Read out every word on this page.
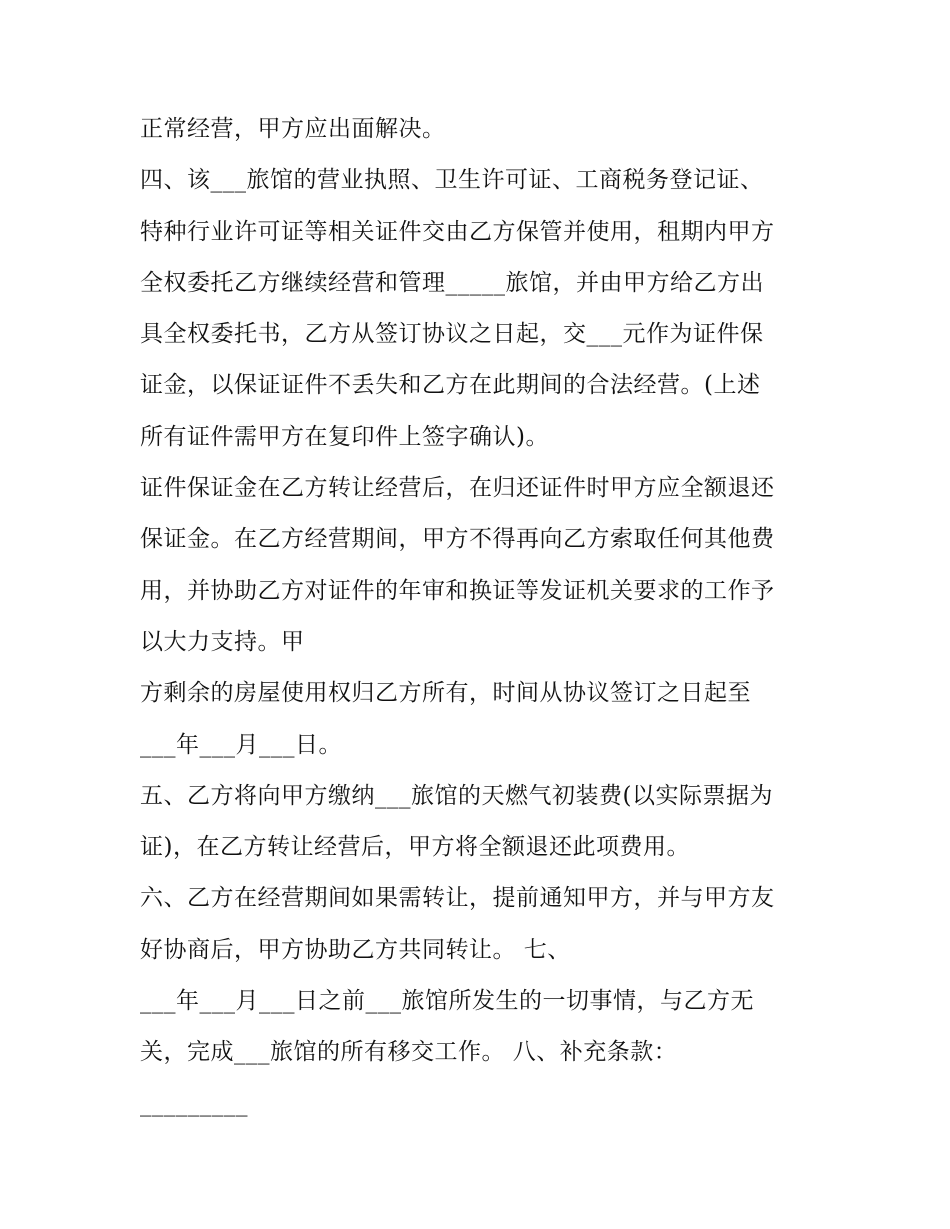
正常经营，甲方应出面解决。
四、该___旅馆的营业执照、卫生许可证、工商税务登记证、
特种行业许可证等相关证件交由乙方保管并使用，租期内甲方
全权委托乙方继续经营和管理_____旅馆，并由甲方给乙方出
具全权委托书，乙方从签订协议之日起，交___元作为证件保
证金，以保证证件不丢失和乙方在此期间的合法经营。(上述
所有证件需甲方在复印件上签字确认)。
证件保证金在乙方转让经营后，在归还证件时甲方应全额退还
保证金。在乙方经营期间，甲方不得再向乙方索取任何其他费
用，并协助乙方对证件的年审和换证等发证机关要求的工作予
以大力支持。甲
方剩余的房屋使用权归乙方所有，时间从协议签订之日起至
___年___月___日。
五、乙方将向甲方缴纳___旅馆的天燃气初装费(以实际票据为
证)，在乙方转让经营后，甲方将全额退还此项费用。
六、乙方在经营期间如果需转让，提前通知甲方，并与甲方友
好协商后，甲方协助乙方共同转让。 七、
___年___月___日之前___旅馆所发生的一切事情，与乙方无
关，完成___旅馆的所有移交工作。 八、补充条款：
_________
